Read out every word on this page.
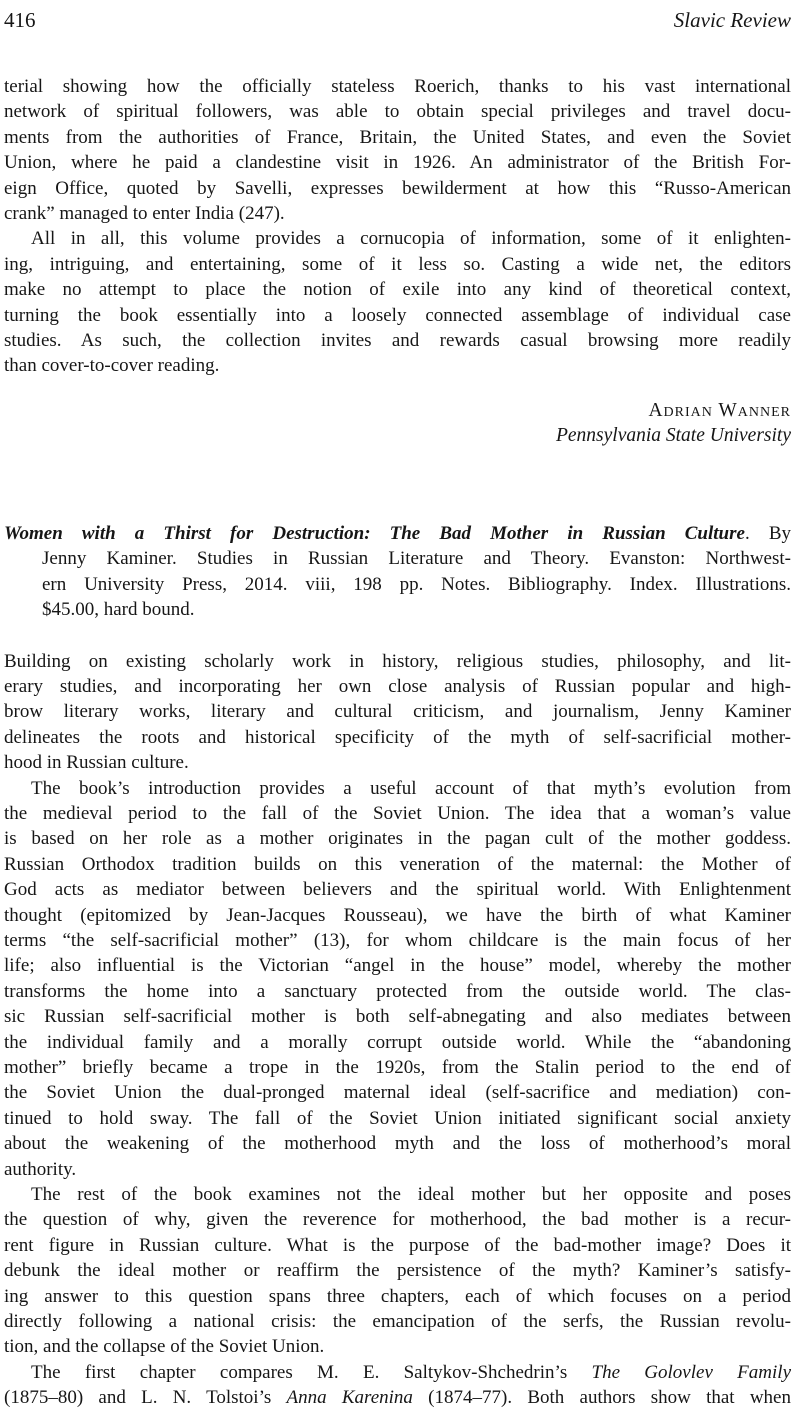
416	Slavic Review
terial showing how the officially stateless Roerich, thanks to his vast international
network of spiritual followers, was able to obtain special privileges and travel docu-
ments from the authorities of France, Britain, the United States, and even the Soviet
Union, where he paid a clandestine visit in 1926. An administrator of the British For-
eign Office, quoted by Savelli, expresses bewilderment at how this “Russo-American
crank” managed to enter India (247).
All in all, this volume provides a cornucopia of information, some of it enlighten-
ing, intriguing, and entertaining, some of it less so. Casting a wide net, the editors
make no attempt to place the notion of exile into any kind of theoretical context,
turning the book essentially into a loosely connected assemblage of individual case
studies. As such, the collection invites and rewards casual browsing more readily
than cover-to-cover reading.
Adrian Wanner
Pennsylvania State University
Women with a Thirst for Destruction: The Bad Mother in Russian Culture. By
Jenny Kaminer. Studies in Russian Literature and Theory. Evanston: Northwest-
ern University Press, 2014. viii, 198 pp. Notes. Bibliography. Index. Illustrations.
$45.00, hard bound.
Building on existing scholarly work in history, religious studies, philosophy, and lit-
erary studies, and incorporating her own close analysis of Russian popular and high-
brow literary works, literary and cultural criticism, and journalism, Jenny Kaminer
delineates the roots and historical specificity of the myth of self-sacrificial mother-
hood in Russian culture.
The book’s introduction provides a useful account of that myth’s evolution from
the medieval period to the fall of the Soviet Union. The idea that a woman’s value
is based on her role as a mother originates in the pagan cult of the mother goddess.
Russian Orthodox tradition builds on this veneration of the maternal: the Mother of
God acts as mediator between believers and the spiritual world. With Enlightenment
thought (epitomized by Jean-Jacques Rousseau), we have the birth of what Kaminer
terms “the self-sacrificial mother” (13), for whom childcare is the main focus of her
life; also influential is the Victorian “angel in the house” model, whereby the mother
transforms the home into a sanctuary protected from the outside world. The clas-
sic Russian self-sacrificial mother is both self-abnegating and also mediates between
the individual family and a morally corrupt outside world. While the “abandoning
mother” briefly became a trope in the 1920s, from the Stalin period to the end of
the Soviet Union the dual-pronged maternal ideal (self-sacrifice and mediation) con-
tinued to hold sway. The fall of the Soviet Union initiated significant social anxiety
about the weakening of the motherhood myth and the loss of motherhood’s moral
authority.
The rest of the book examines not the ideal mother but her opposite and poses
the question of why, given the reverence for motherhood, the bad mother is a recur-
rent figure in Russian culture. What is the purpose of the bad-mother image? Does it
debunk the ideal mother or reaffirm the persistence of the myth? Kaminer’s satisfy-
ing answer to this question spans three chapters, each of which focuses on a period
directly following a national crisis: the emancipation of the serfs, the Russian revolu-
tion, and the collapse of the Soviet Union.
The first chapter compares M. E. Saltykov-Shchedrin’s The Golovlev Family
(1875–80) and L. N. Tolstoi’s Anna Karenina (1874–77). Both authors show that when
